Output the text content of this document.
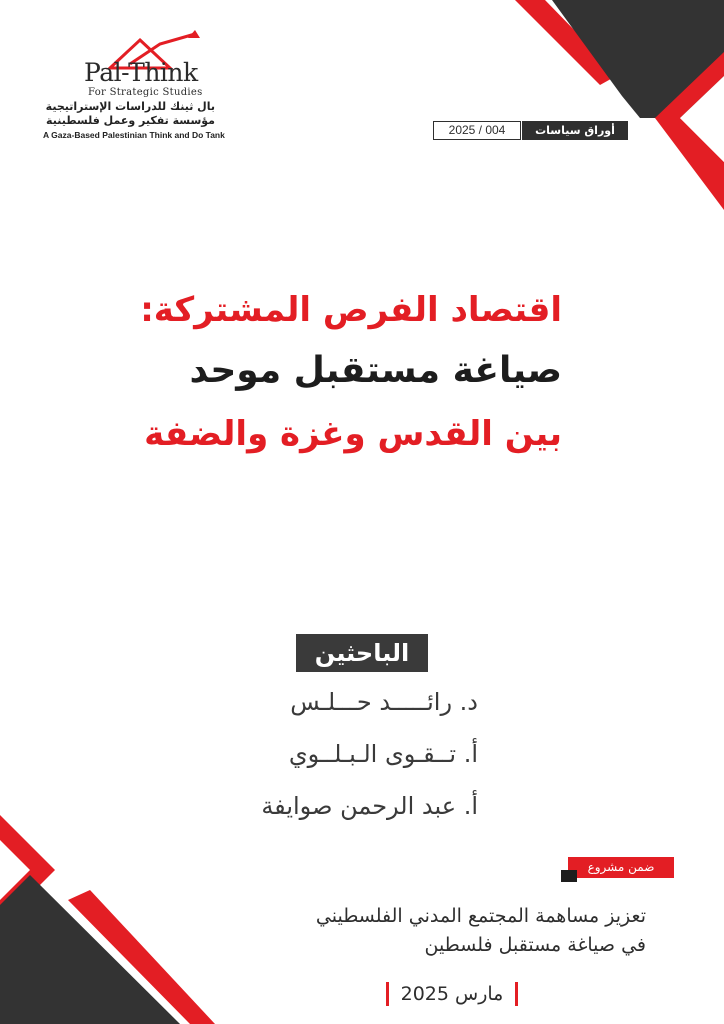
Pal-Think
For Strategic Studies
بال ثينك للدراسات الإستراتيجية
مؤسسة تفكير وعمل فلسطينية
A Gaza-Based Palestinian Think and Do Tank	أوراق سياسات
2025 / 004
اقتصاد الفرص المشتركة:
صياغة مستقبل موحد
بين القدس وغزة والضفة
الباحثين
د. رائـــــد حـــلـس
أ. تــقـوى الـبـلــوي
أ. عبد الرحمن صوايفة
ضمن مشروع
تعزيز مساهمة المجتمع المدني الفلسطيني
في صياغة مستقبل فلسطين
مارس 2025
